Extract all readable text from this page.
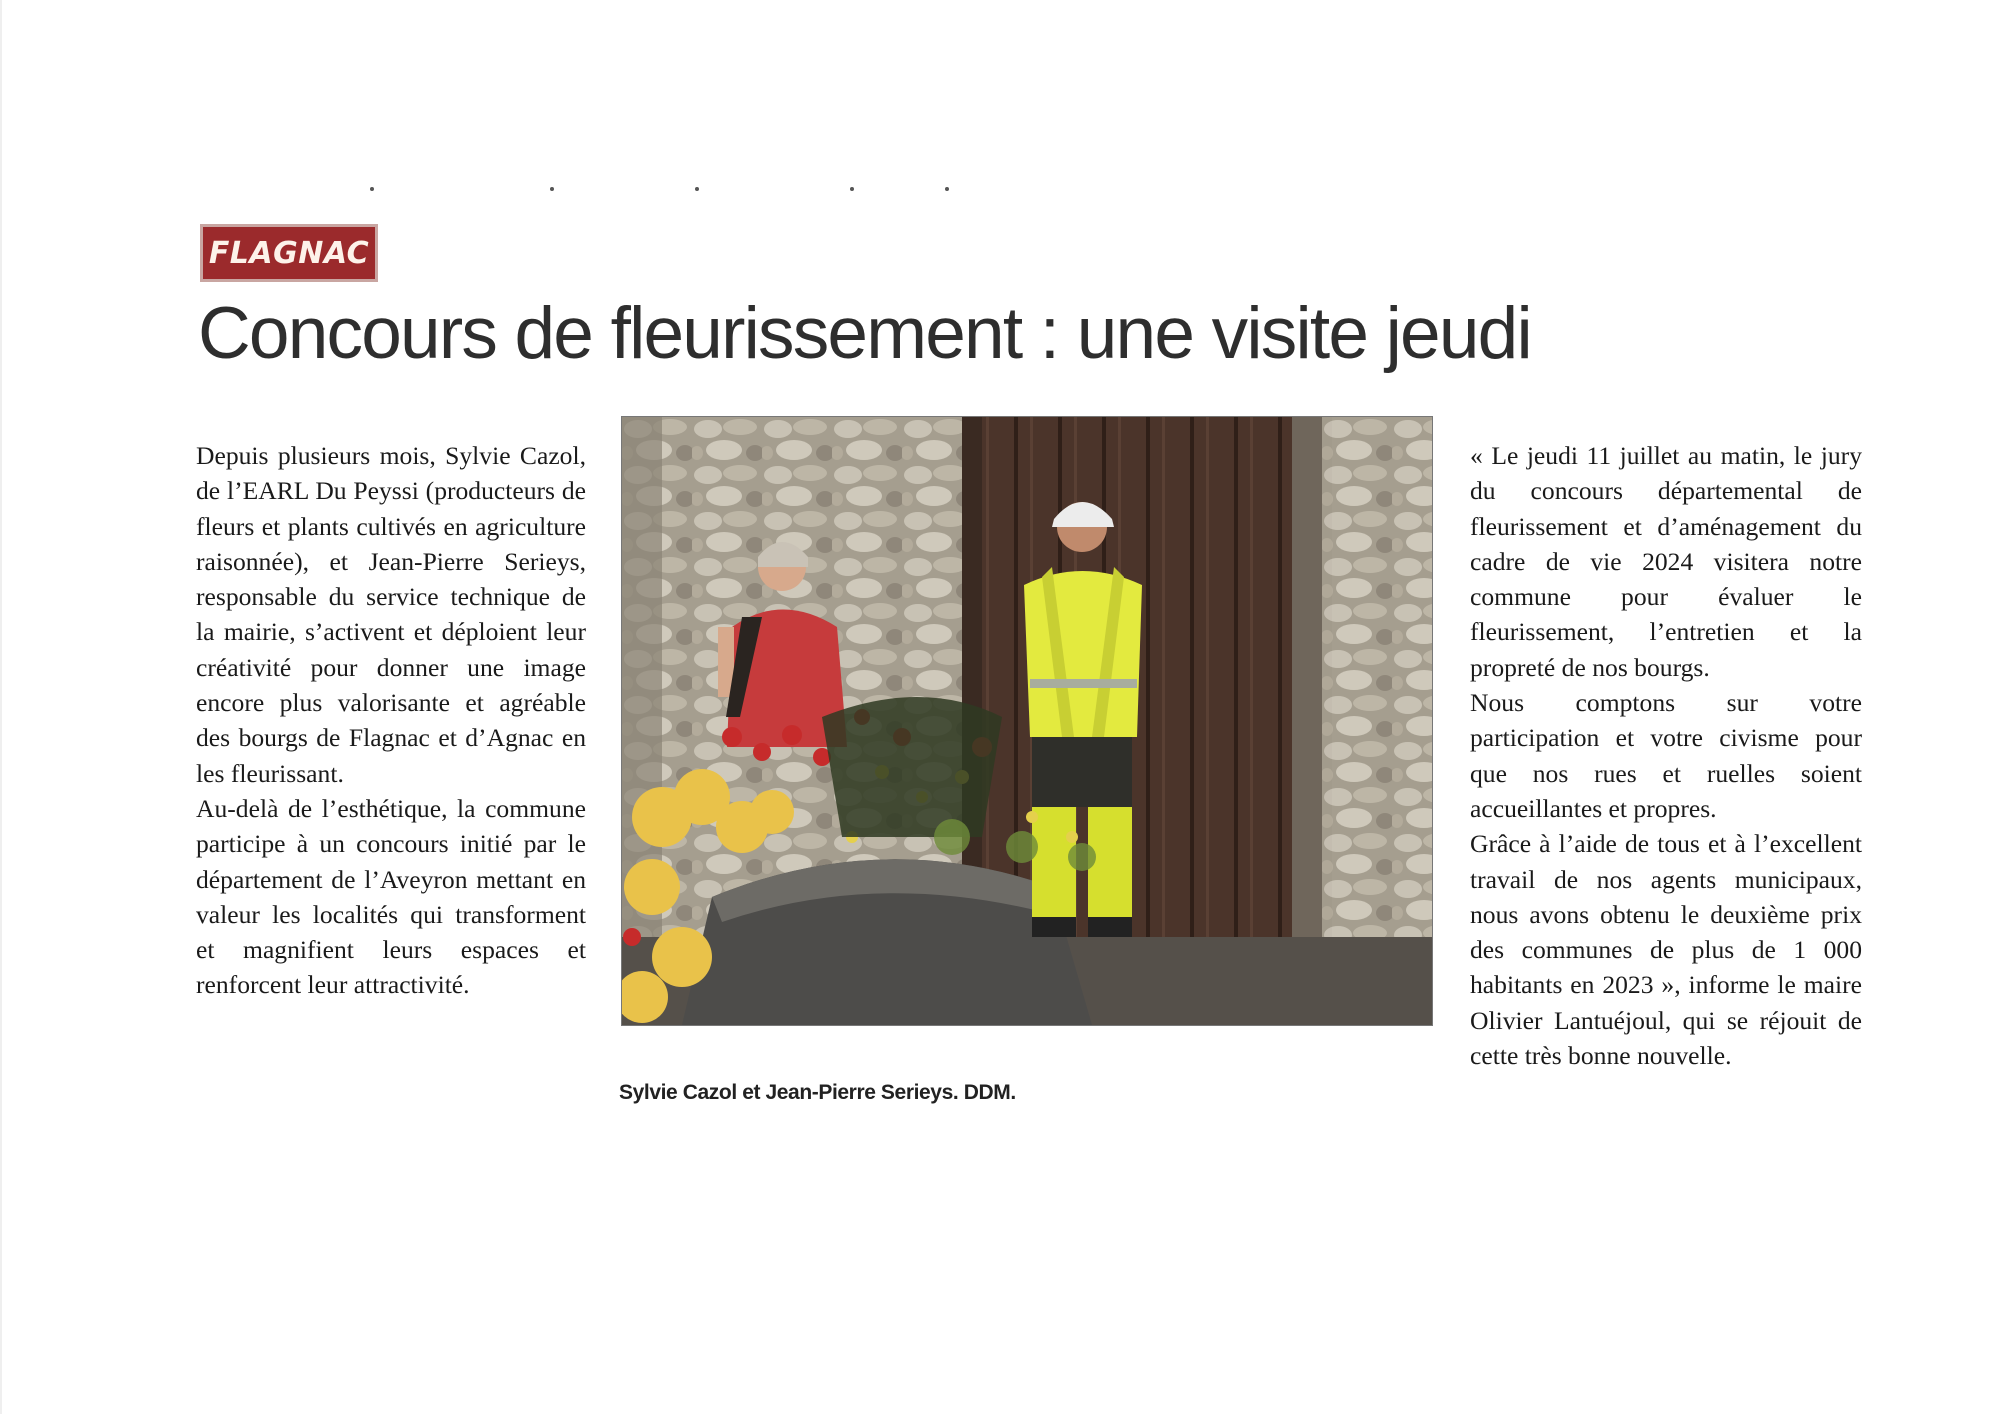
FLAGNAC
Concours de fleurissement : une visite jeudi

Depuis plusieurs mois, Sylvie Cazol, de l’EARL Du Peyssi (producteurs de fleurs et plants cultivés en agriculture raisonnée), et Jean-Pierre Serieys, responsable du service technique de la mairie, s’activent et déploient leur créativité pour donner une image encore plus valorisante et agréable des bourgs de Flagnac et d’Agnac en les fleurissant.

Au-delà de l’esthétique, la commune participe à un concours initié par le département de l’Aveyron mettant en valeur les localités qui transforment et magnifient leurs espaces et renforcent leur attractivité.

Sylvie Cazol et Jean-Pierre Serieys. DDM.

« Le jeudi 11 juillet au matin, le jury du concours départemental de fleurissement et d’aménagement du cadre de vie 2024 visitera notre commune pour évaluer le fleurissement, l’entretien et la propreté de nos bourgs.

Nous comptons sur votre participation et votre civisme pour que nos rues et ruelles soient accueillantes et propres.

Grâce à l’aide de tous et à l’excellent travail de nos agents municipaux, nous avons obtenu le deuxième prix des communes de plus de 1 000 habitants en 2023 », informe le maire Olivier Lantuéjoul, qui se réjouit de cette très bonne nouvelle.
